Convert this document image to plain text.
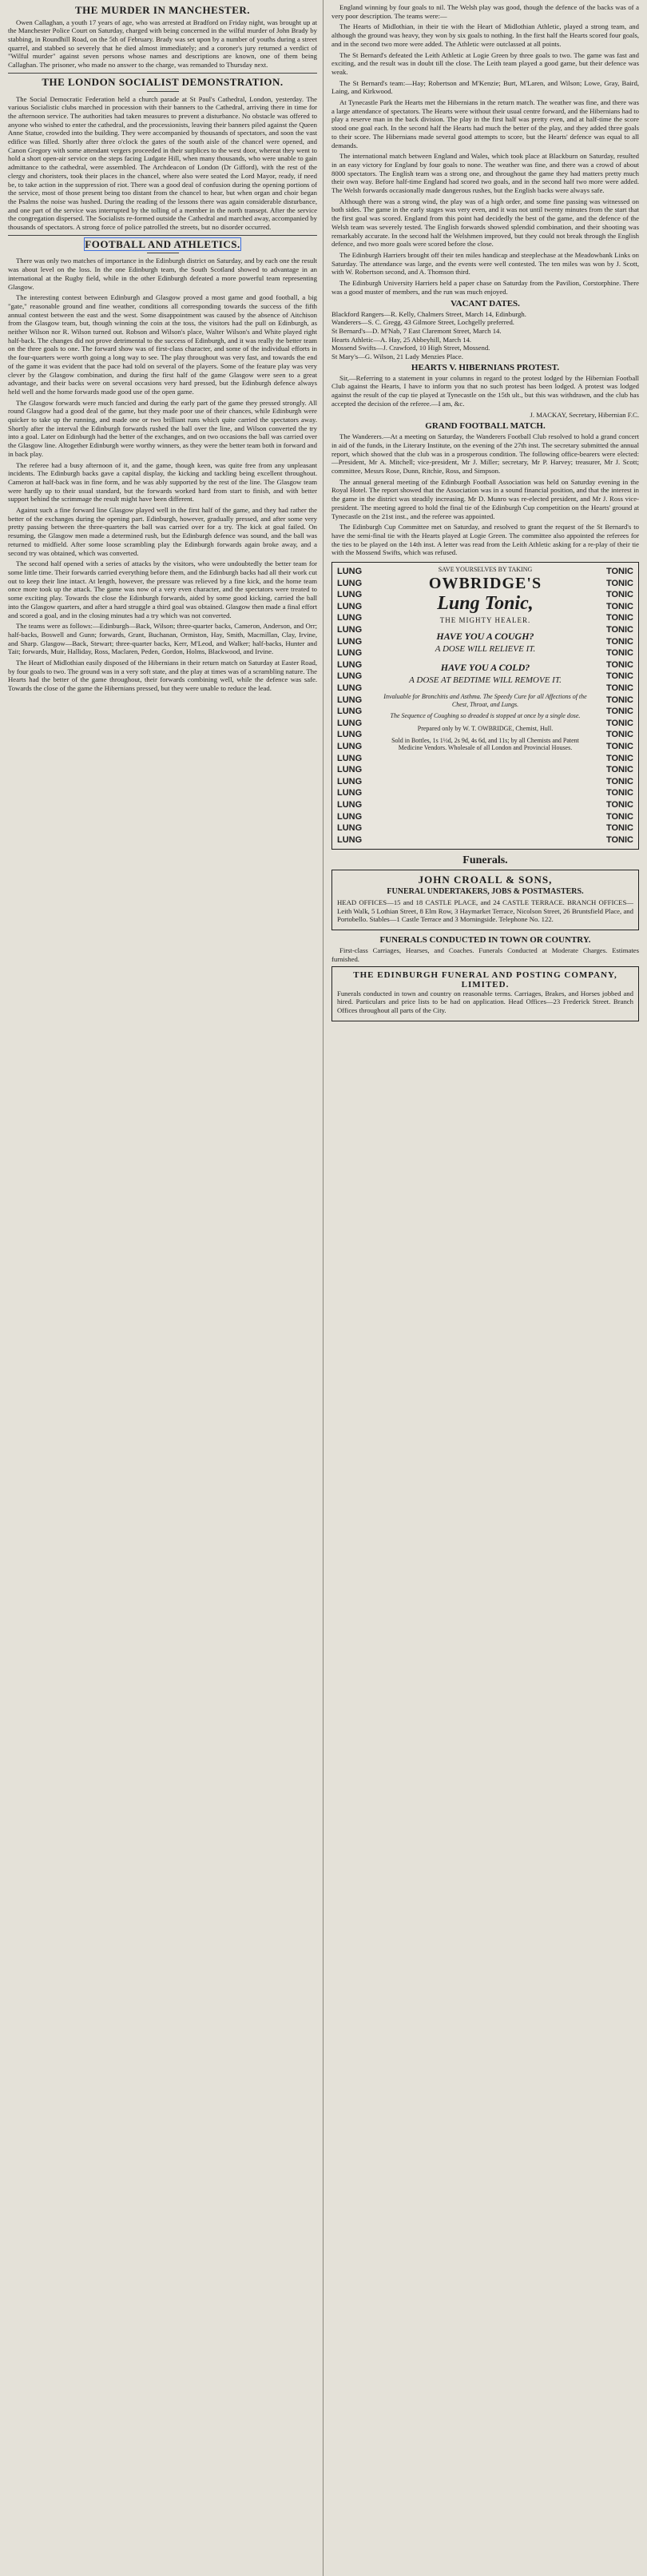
THE MURDER IN MANCHESTER.

Owen Callaghan, a youth 17 years of age, who was arrested at Bradford on Friday night, was brought up at the Manchester Police Court on Saturday, charged with being concerned in the wilful murder of John Brady by stabbing, in Roundhill Road, on the 5th of February. Brady was set upon by a number of youths during a street quarrel, and stabbed so severely that he died almost immediately; and a coroner's jury returned a verdict of "Wilful murder" against seven persons whose names and descriptions are known, one of them being Callaghan. The prisoner, who made no answer to the charge, was remanded to Thursday next.

THE LONDON SOCIALIST DEMONSTRATION.

The Social Democratic Federation held a church parade at St Paul's Cathedral, London, yesterday. The various Socialistic clubs marched in procession with their banners to the Cathedral, arriving there in time for the afternoon service. The authorities had taken measures to prevent a disturbance. No obstacle was offered to anyone who wished to enter the cathedral, and the processionists, leaving their banners piled against the Queen Anne Statue, crowded into the building. They were accompanied by thousands of spectators, and soon the vast edifice was filled. Shortly after three o'clock the gates of the south aisle of the chancel were opened, and Canon Gregory with some attendant vergers proceeded in their surplices to the west door, whereat they went to hold a short open-air service on the steps facing Ludgate Hill, when many thousands, who were unable to gain admittance to the cathedral, were assembled. The Archdeacon of London (Dr Gifford), with the rest of the clergy and choristers, took their places in the chancel, where also were seated the Lord Mayor, ready, if need be, to take action in the suppression of riot. There was a good deal of confusion during the opening portions of the service, most of those present being too distant from the chancel to hear, but when organ and choir began the Psalms the noise was hushed. During the reading of the lessons there was again considerable disturbance, and one part of the service was interrupted by the tolling of a member in the north transept. After the service the congregation dispersed. The Socialists re-formed outside the Cathedral and marched away, accompanied by thousands of spectators. A strong force of police patrolled the streets, but no disorder occurred.

FOOTBALL AND ATHLETICS.

There was only two matches of importance in the Edinburgh district on Saturday, and by each one the result was about level on the loss. In the one Edinburgh team, the South Scotland showed to advantage in an international at the Rugby field, while in the other Edinburgh defeated a more powerful team representing Glasgow.

The interesting contest between Edinburgh and Glasgow proved a most game and good football, a big "gate," reasonable ground and fine weather, conditions all corresponding towards the success of the fifth annual contest between the east and the west. Some disappointment was caused by the absence of Aitchison from the Glasgow team, but, though winning the coin at the toss, the visitors had the pull on Edinburgh, as neither Wilson nor R. Wilson turned out. Robson and Wilson's place, Walter Wilson's and White played right half-back. The changes did not prove detrimental to the success of Edinburgh, and it was really the better team on the three goals to one. The forward show was of first-class character, and some of the individual efforts in the four-quarters were worth going a long way to see. The play throughout was very fast, and towards the end of the game it was evident that the pace had told on several of the players. Some of the feature play was very clever by the Glasgow combination, and during the first half of the game Glasgow were seen to a great advantage, and their backs were on several occasions very hard pressed, but the Edinburgh defence always held well and the home forwards made good use of the open game.

The Glasgow forwards were much fancied and during the early part of the game they pressed strongly. All round Glasgow had a good deal of the game, but they made poor use of their chances, while Edinburgh were quicker to take up the running, and made one or two brilliant runs which quite carried the spectators away. Shortly after the interval the Edinburgh forwards rushed the ball over the line, and Wilson converted the try into a goal. Later on Edinburgh had the better of the exchanges, and on two occasions the ball was carried over the Glasgow line. Altogether Edinburgh were worthy winners, as they were the better team both in forward and in back play.

The referee had a busy afternoon of it, and the game, though keen, was quite free from any unpleasant incidents. The Edinburgh backs gave a capital display, the kicking and tackling being excellent throughout. Cameron at half-back was in fine form, and he was ably supported by the rest of the line. The Glasgow team were hardly up to their usual standard, but the forwards worked hard from start to finish, and with better support behind the scrimmage the result might have been different.

Against such a fine forward line Glasgow played well in the first half of the game, and they had rather the better of the exchanges during the opening part. Edinburgh, however, gradually pressed, and after some very pretty passing between the three-quarters the ball was carried over for a try. The kick at goal failed. On resuming, the Glasgow men made a determined rush, but the Edinburgh defence was sound, and the ball was returned to midfield. After some loose scrambling play the Edinburgh forwards again broke away, and a second try was obtained, which was converted.

The second half opened with a series of attacks by the visitors, who were undoubtedly the better team for some little time. Their forwards carried everything before them, and the Edinburgh backs had all their work cut out to keep their line intact. At length, however, the pressure was relieved by a fine kick, and the home team once more took up the attack. The game was now of a very even character, and the spectators were treated to some exciting play. Towards the close the Edinburgh forwards, aided by some good kicking, carried the ball into the Glasgow quarters, and after a hard struggle a third goal was obtained. Glasgow then made a final effort and scored a goal, and in the closing minutes had a try which was not converted.

The teams were as follows:—Edinburgh—Back, Wilson; three-quarter backs, Cameron, Anderson, and Orr; half-backs, Boswell and Gunn; forwards, Grant, Buchanan, Ormiston, Hay, Smith, Macmillan, Clay, Irvine, and Sharp. Glasgow—Back, Stewart; three-quarter backs, Kerr, M'Leod, and Walker; half-backs, Hunter and Tait; forwards, Muir, Halliday, Ross, Maclaren, Peden, Gordon, Holms, Blackwood, and Irvine.

The Heart of Midlothian easily disposed of the Hibernians in their return match on Saturday at Easter Road, by four goals to two. The ground was in a very soft state, and the play at times was of a scrambling nature. The Hearts had the better of the game throughout, their forwards combining well, while the defence was safe. Towards the close of the game the Hibernians pressed, but they were unable to reduce the lead.

England winning by four goals to nil. The Welsh play was good, though the defence of the backs was of a very poor description. The teams were:—

The Hearts of Midlothian, in their tie with the Heart of Midlothian Athletic, played a strong team, and although the ground was heavy, they won by six goals to nothing. In the first half the Hearts scored four goals, and in the second two more were added. The Athletic were outclassed at all points.

The St Bernard's defeated the Leith Athletic at Logie Green by three goals to two. The game was fast and exciting, and the result was in doubt till the close. The Leith team played a good game, but their defence was weak.

The St Bernard's team:—Hay; Robertson and M'Kenzie; Burt, M'Laren, and Wilson; Lowe, Gray, Baird, Laing, and Kirkwood.

At Tynecastle Park the Hearts met the Hibernians in the return match. The weather was fine, and there was a large attendance of spectators. The Hearts were without their usual centre forward, and the Hibernians had to play a reserve man in the back division. The play in the first half was pretty even, and at half-time the score stood one goal each. In the second half the Hearts had much the better of the play, and they added three goals to their score. The Hibernians made several good attempts to score, but the Hearts' defence was equal to all demands.

The international match between England and Wales, which took place at Blackburn on Saturday, resulted in an easy victory for England by four goals to none. The weather was fine, and there was a crowd of about 8000 spectators. The English team was a strong one, and throughout the game they had matters pretty much their own way. Before half-time England had scored two goals, and in the second half two more were added. The Welsh forwards occasionally made dangerous rushes, but the English backs were always safe.

Although there was a strong wind, the play was of a high order, and some fine passing was witnessed on both sides. The game in the early stages was very even, and it was not until twenty minutes from the start that the first goal was scored. England from this point had decidedly the best of the game, and the defence of the Welsh team was severely tested. The English forwards showed splendid combination, and their shooting was remarkably accurate. In the second half the Welshmen improved, but they could not break through the English defence, and two more goals were scored before the close.

The Edinburgh Harriers brought off their ten miles handicap and steeplechase at the Meadowbank Links on Saturday. The attendance was large, and the events were well contested. The ten miles was won by J. Scott, with W. Robertson second, and A. Thomson third.

The Edinburgh University Harriers held a paper chase on Saturday from the Pavilion, Corstorphine. There was a good muster of members, and the run was much enjoyed.

VACANT DATES.

Blackford Rangers—R. Kelly, Chalmers Street, March 14, Edinburgh.

Wanderers—S. C. Gregg, 43 Gilmore Street, Lochgelly preferred.

St Bernard's—D. M'Nab, 7 East Claremont Street, March 14.

Hearts Athletic—A. Hay, 25 Abbeyhill, March 14.

Mossend Swifts—J. Crawford, 10 High Street, Mossend.

St Mary's—G. Wilson, 21 Lady Menzies Place.

HEARTS V. HIBERNIANS PROTEST.

Sir,—Referring to a statement in your columns in regard to the protest lodged by the Hibernian Football Club against the Hearts, I have to inform you that no such protest has been lodged. A protest was lodged against the result of the cup tie played at Tynecastle on the 15th ult., but this was withdrawn, and the club has accepted the decision of the referee.—I am, &c.

J. MACKAY, Secretary, Hibernian F.C.

GRAND FOOTBALL MATCH.

The Wanderers.—At a meeting on Saturday, the Wanderers Football Club resolved to hold a grand concert in aid of the funds, in the Literary Institute, on the evening of the 27th inst. The secretary submitted the annual report, which showed that the club was in a prosperous condition. The following office-bearers were elected:—President, Mr A. Mitchell; vice-president, Mr J. Miller; secretary, Mr P. Harvey; treasurer, Mr J. Scott; committee, Messrs Rose, Dunn, Ritchie, Ross, and Simpson.

The annual general meeting of the Edinburgh Football Association was held on Saturday evening in the Royal Hotel. The report showed that the Association was in a sound financial position, and that the interest in the game in the district was steadily increasing. Mr D. Munro was re-elected president, and Mr J. Ross vice-president. The meeting agreed to hold the final tie of the Edinburgh Cup competition on the Hearts' ground at Tynecastle on the 21st inst., and the referee was appointed.

The Edinburgh Cup Committee met on Saturday, and resolved to grant the request of the St Bernard's to have the semi-final tie with the Hearts played at Logie Green. The committee also appointed the referees for the ties to be played on the 14th inst. A letter was read from the Leith Athletic asking for a re-play of their tie with the Mossend Swifts, which was refused.

LUNG
LUNG
LUNG
LUNG
LUNG
LUNG
LUNG
LUNG
LUNG
LUNG
LUNG
LUNG
LUNG
LUNG
LUNG
LUNG
LUNG
LUNG
LUNG
LUNG
LUNG
LUNG
LUNG
LUNG
TONIC
TONIC
TONIC
TONIC
TONIC
TONIC
TONIC
TONIC
TONIC
TONIC
TONIC
TONIC
TONIC
TONIC
TONIC
TONIC
TONIC
TONIC
TONIC
TONIC
TONIC
TONIC
TONIC
TONIC

SAVE YOURSELVES BY TAKING

OWBRIDGE'S

Lung Tonic,

THE MIGHTY HEALER.

HAVE YOU A COUGH?

A DOSE WILL RELIEVE IT.

HAVE YOU A COLD?

A DOSE AT BEDTIME WILL REMOVE IT.

Invaluable for Bronchitis and Asthma. The Speedy Cure for all Affections of the Chest, Throat, and Lungs.

The Sequence of Coughing so dreaded is stopped at once by a single dose.

Prepared only by W. T. OWBRIDGE, Chemist, Hull.

Sold in Bottles, 1s 1½d, 2s 9d, 4s 6d, and 11s; by all Chemists and Patent Medicine Vendors. Wholesale of all London and Provincial Houses.

Funerals.

JOHN CROALL & SONS,

FUNERAL UNDERTAKERS, JOBS & POSTMASTERS.

HEAD OFFICES—15 and 18 CASTLE PLACE, and 24 CASTLE TERRACE. BRANCH OFFICES—Leith Walk, 5 Lothian Street, 8 Elm Row, 3 Haymarket Terrace, Nicolson Street, 26 Bruntsfield Place, and Portobello. Stables—1 Castle Terrace and 3 Morningside. Telephone No. 122.

FUNERALS CONDUCTED IN TOWN OR COUNTRY.

First-class Carriages, Hearses, and Coaches. Funerals Conducted at Moderate Charges. Estimates furnished.

THE EDINBURGH FUNERAL AND POSTING COMPANY, LIMITED.

Funerals conducted in town and country on reasonable terms. Carriages, Brakes, and Horses jobbed and hired. Particulars and price lists to be had on application. Head Offices—23 Frederick Street. Branch Offices throughout all parts of the City.
